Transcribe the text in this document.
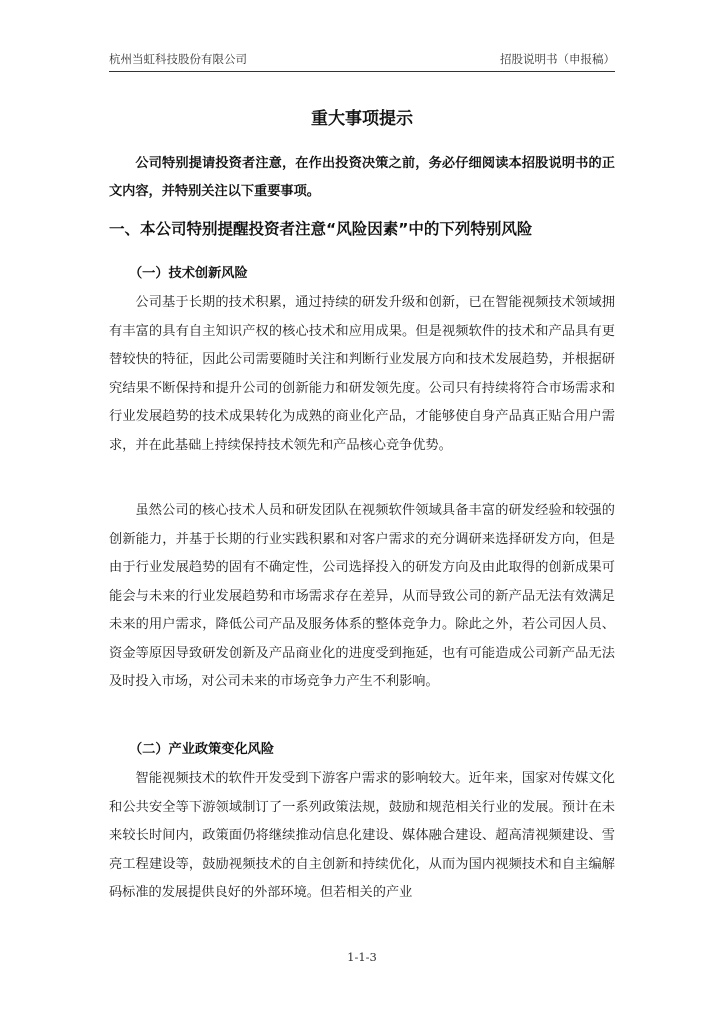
杭州当虹科技股份有限公司	招股说明书（申报稿）
重大事项提示
公司特别提请投资者注意，在作出投资决策之前，务必仔细阅读本招股说明书的正文内容，并特别关注以下重要事项。
一、本公司特别提醒投资者注意“风险因素”中的下列特别风险
（一）技术创新风险
公司基于长期的技术积累，通过持续的研发升级和创新，已在智能视频技术领域拥有丰富的具有自主知识产权的核心技术和应用成果。但是视频软件的技术和产品具有更替较快的特征，因此公司需要随时关注和判断行业发展方向和技术发展趋势，并根据研究结果不断保持和提升公司的创新能力和研发领先度。公司只有持续将符合市场需求和行业发展趋势的技术成果转化为成熟的商业化产品，才能够使自身产品真正贴合用户需求，并在此基础上持续保持技术领先和产品核心竞争优势。
虽然公司的核心技术人员和研发团队在视频软件领域具备丰富的研发经验和较强的创新能力，并基于长期的行业实践积累和对客户需求的充分调研来选择研发方向，但是由于行业发展趋势的固有不确定性，公司选择投入的研发方向及由此取得的创新成果可能会与未来的行业发展趋势和市场需求存在差异，从而导致公司的新产品无法有效满足未来的用户需求，降低公司产品及服务体系的整体竞争力。除此之外，若公司因人员、资金等原因导致研发创新及产品商业化的进度受到拖延，也有可能造成公司新产品无法及时投入市场，对公司未来的市场竞争力产生不利影响。
（二）产业政策变化风险
智能视频技术的软件开发受到下游客户需求的影响较大。近年来，国家对传媒文化和公共安全等下游领域制订了一系列政策法规，鼓励和规范相关行业的发展。预计在未来较长时间内，政策面仍将继续推动信息化建设、媒体融合建设、超高清视频建设、雪亮工程建设等，鼓励视频技术的自主创新和持续优化，从而为国内视频技术和自主编解码标准的发展提供良好的外部环境。但若相关的产业
1-1-3
